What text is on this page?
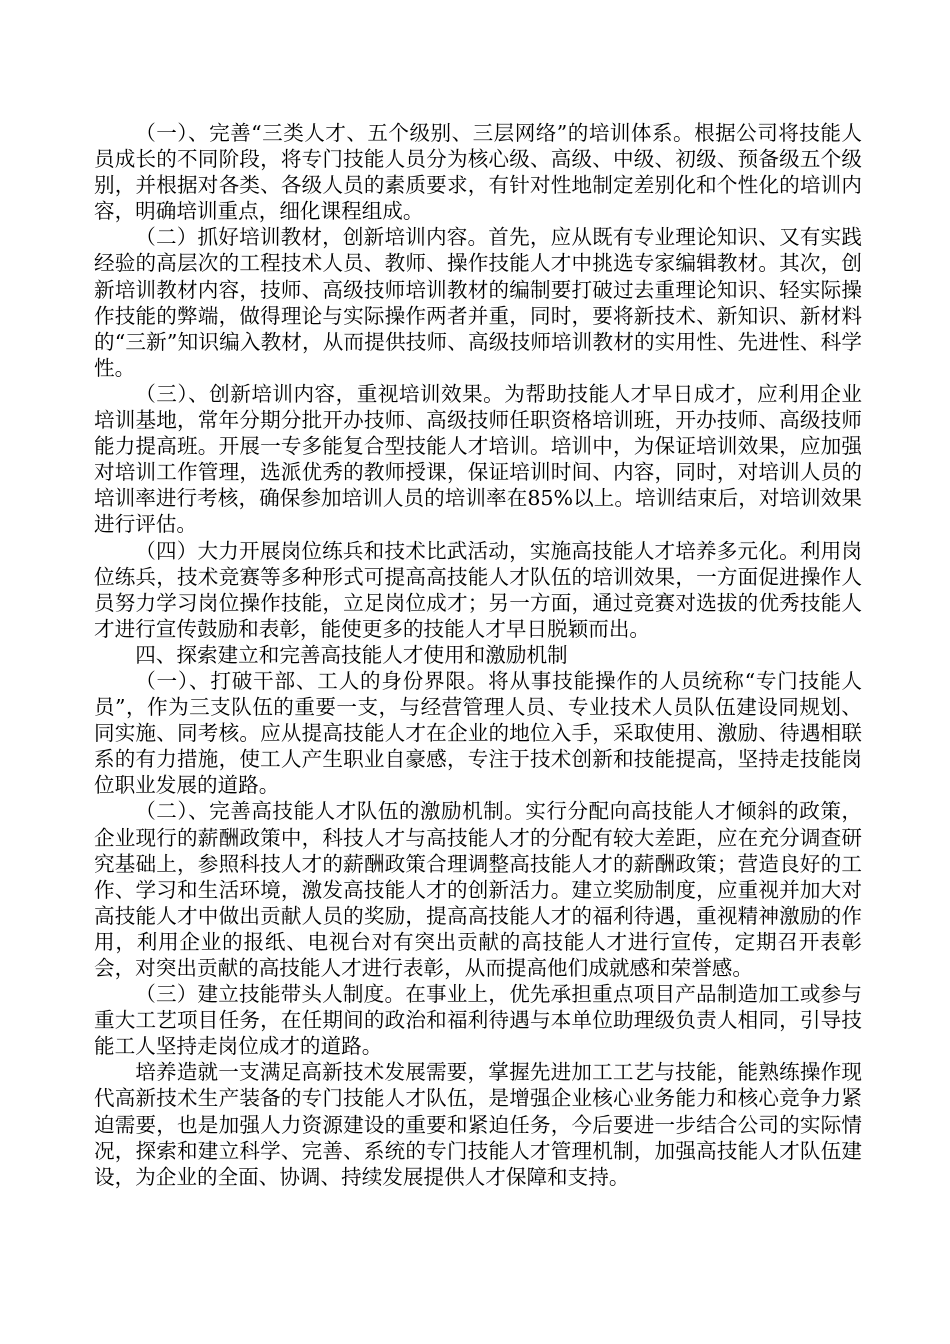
（一）、完善“三类人才、五个级别、三层网络”的培训体系。根据公司将技能人员成长的不同阶段，将专门技能人员分为核心级、高级、中级、初级、预备级五个级别，并根据对各类、各级人员的素质要求，有针对性地制定差别化和个性化的培训内容，明确培训重点，细化课程组成。

（二）抓好培训教材，创新培训内容。首先，应从既有专业理论知识、又有实践经验的高层次的工程技术人员、教师、操作技能人才中挑选专家编辑教材。其次，创新培训教材内容，技师、高级技师培训教材的编制要打破过去重理论知识、轻实际操作技能的弊端，做得理论与实际操作两者并重，同时，要将新技术、新知识、新材料的“三新”知识编入教材，从而提供技师、高级技师培训教材的实用性、先进性、科学性。

（三）、创新培训内容，重视培训效果。为帮助技能人才早日成才，应利用企业培训基地，常年分期分批开办技师、高级技师任职资格培训班，开办技师、高级技师能力提高班。开展一专多能复合型技能人才培训。培训中，为保证培训效果，应加强对培训工作管理，选派优秀的教师授课，保证培训时间、内容，同时，对培训人员的培训率进行考核，确保参加培训人员的培训率在85%以上。培训结束后，对培训效果进行评估。

（四）大力开展岗位练兵和技术比武活动，实施高技能人才培养多元化。利用岗位练兵，技术竞赛等多种形式可提高高技能人才队伍的培训效果，一方面促进操作人员努力学习岗位操作技能，立足岗位成才；另一方面，通过竞赛对选拔的优秀技能人才进行宣传鼓励和表彰，能使更多的技能人才早日脱颖而出。

四、探索建立和完善高技能人才使用和激励机制

（一）、打破干部、工人的身份界限。将从事技能操作的人员统称“专门技能人员”，作为三支队伍的重要一支，与经营管理人员、专业技术人员队伍建设同规划、同实施、同考核。应从提高技能人才在企业的地位入手，采取使用、激励、待遇相联系的有力措施，使工人产生职业自豪感，专注于技术创新和技能提高，坚持走技能岗位职业发展的道路。

（二）、完善高技能人才队伍的激励机制。实行分配向高技能人才倾斜的政策，企业现行的薪酬政策中，科技人才与高技能人才的分配有较大差距，应在充分调查研究基础上，参照科技人才的薪酬政策合理调整高技能人才的薪酬政策；营造良好的工作、学习和生活环境，激发高技能人才的创新活力。建立奖励制度，应重视并加大对高技能人才中做出贡献人员的奖励，提高高技能人才的福利待遇，重视精神激励的作用，利用企业的报纸、电视台对有突出贡献的高技能人才进行宣传，定期召开表彰会，对突出贡献的高技能人才进行表彰，从而提高他们成就感和荣誉感。

（三）建立技能带头人制度。在事业上，优先承担重点项目产品制造加工或参与重大工艺项目任务，在任期间的政治和福利待遇与本单位助理级负责人相同，引导技能工人坚持走岗位成才的道路。

培养造就一支满足高新技术发展需要，掌握先进加工工艺与技能，能熟练操作现代高新技术生产装备的专门技能人才队伍，是增强企业核心业务能力和核心竞争力紧迫需要，也是加强人力资源建设的重要和紧迫任务，今后要进一步结合公司的实际情况，探索和建立科学、完善、系统的专门技能人才管理机制，加强高技能人才队伍建设，为企业的全面、协调、持续发展提供人才保障和支持。
